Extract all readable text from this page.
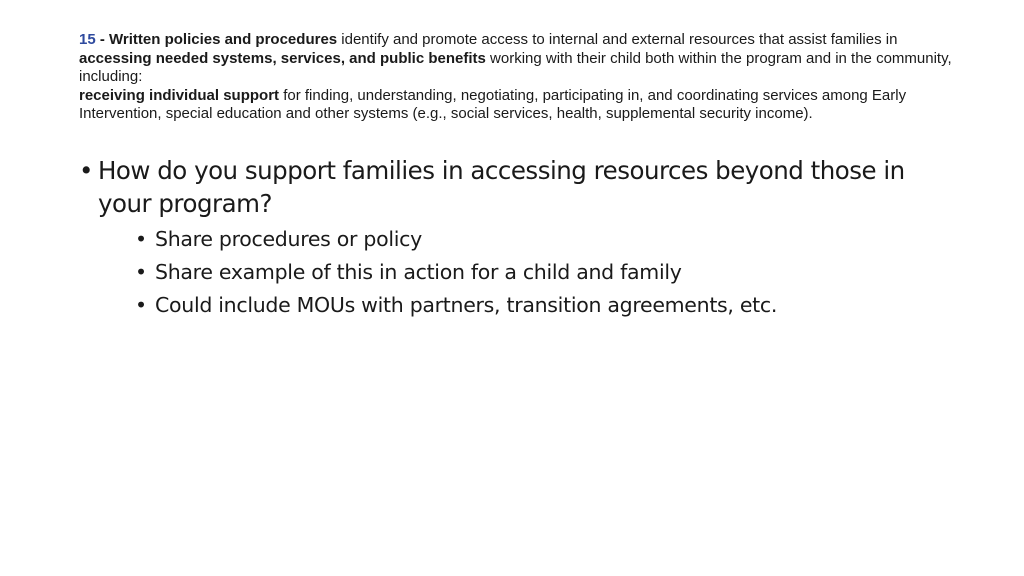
15 - Written policies and procedures identify and promote access to internal and external resources that assist families in accessing needed systems, services, and public benefits working with their child both within the program and in the community, including:

receiving individual support for finding, understanding, negotiating, participating in, and coordinating services among Early Intervention, special education and other systems (e.g., social services, health, supplemental security income).

• How do you support families in accessing resources beyond those in your program?
• Share procedures or policy
• Share example of this in action for a child and family
• Could include MOUs with partners, transition agreements, etc.
